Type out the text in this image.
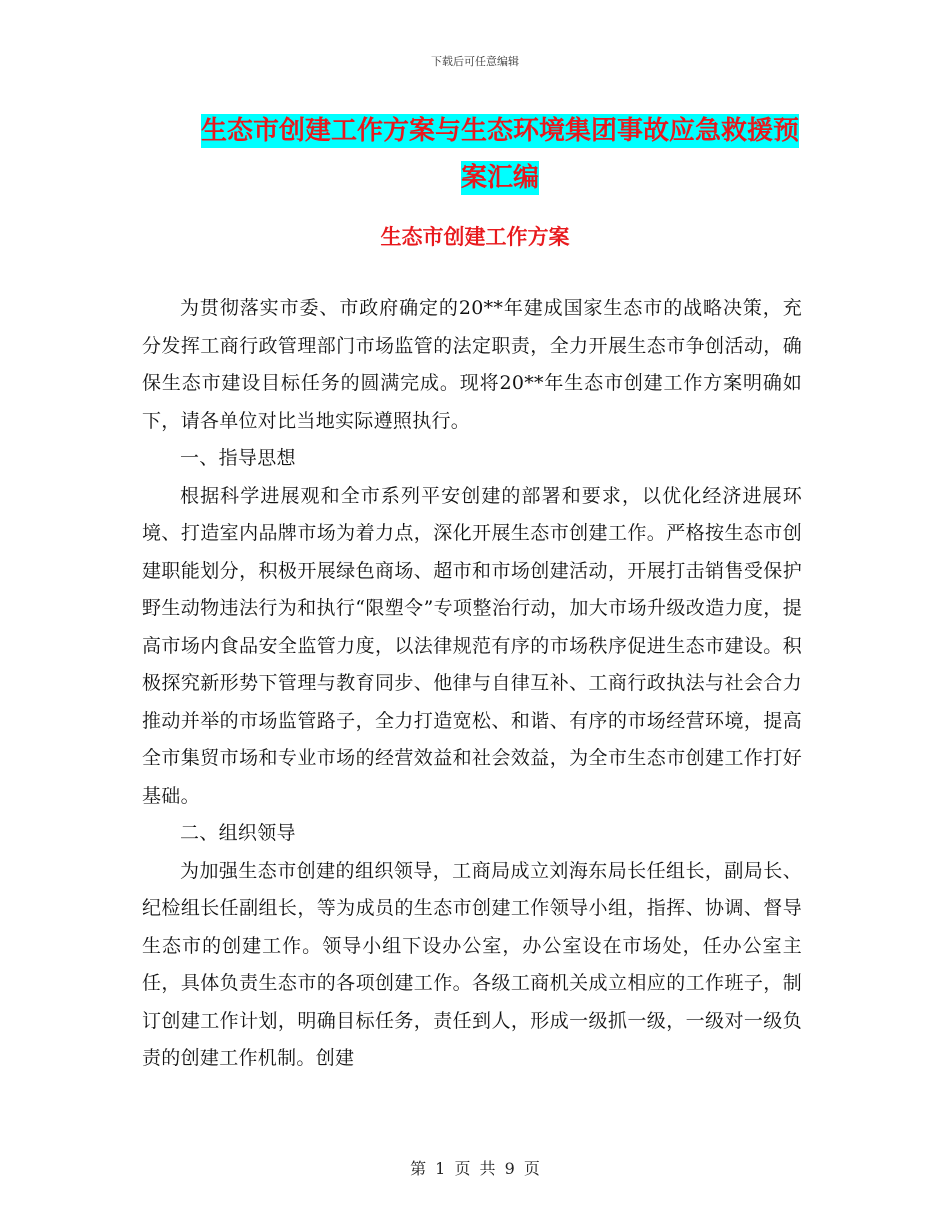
下载后可任意编辑
生态市创建工作方案与生态环境集团事故应急救援预案汇编
生态市创建工作方案

为贯彻落实市委、市政府确定的20**年建成国家生态市的战略决策，充分发挥工商行政管理部门市场监管的法定职责，全力开展生态市争创活动，确保生态市建设目标任务的圆满完成。现将20**年生态市创建工作方案明确如下，请各单位对比当地实际遵照执行。

一、指导思想

根据科学进展观和全市系列平安创建的部署和要求，以优化经济进展环境、打造室内品牌市场为着力点，深化开展生态市创建工作。严格按生态市创建职能划分，积极开展绿色商场、超市和市场创建活动，开展打击销售受保护野生动物违法行为和执行“限塑令”专项整治行动，加大市场升级改造力度，提高市场内食品安全监管力度，以法律规范有序的市场秩序促进生态市建设。积极探究新形势下管理与教育同步、他律与自律互补、工商行政执法与社会合力推动并举的市场监管路子，全力打造宽松、和谐、有序的市场经营环境，提高全市集贸市场和专业市场的经营效益和社会效益，为全市生态市创建工作打好基础。

二、组织领导

为加强生态市创建的组织领导，工商局成立刘海东局长任组长，副局长、纪检组长任副组长，等为成员的生态市创建工作领导小组，指挥、协调、督导生态市的创建工作。领导小组下设办公室，办公室设在市场处，任办公室主任，具体负责生态市的各项创建工作。各级工商机关成立相应的工作班子，制订创建工作计划，明确目标任务，责任到人，形成一级抓一级，一级对一级负责的创建工作机制。创建

第 1 页 共 9 页
